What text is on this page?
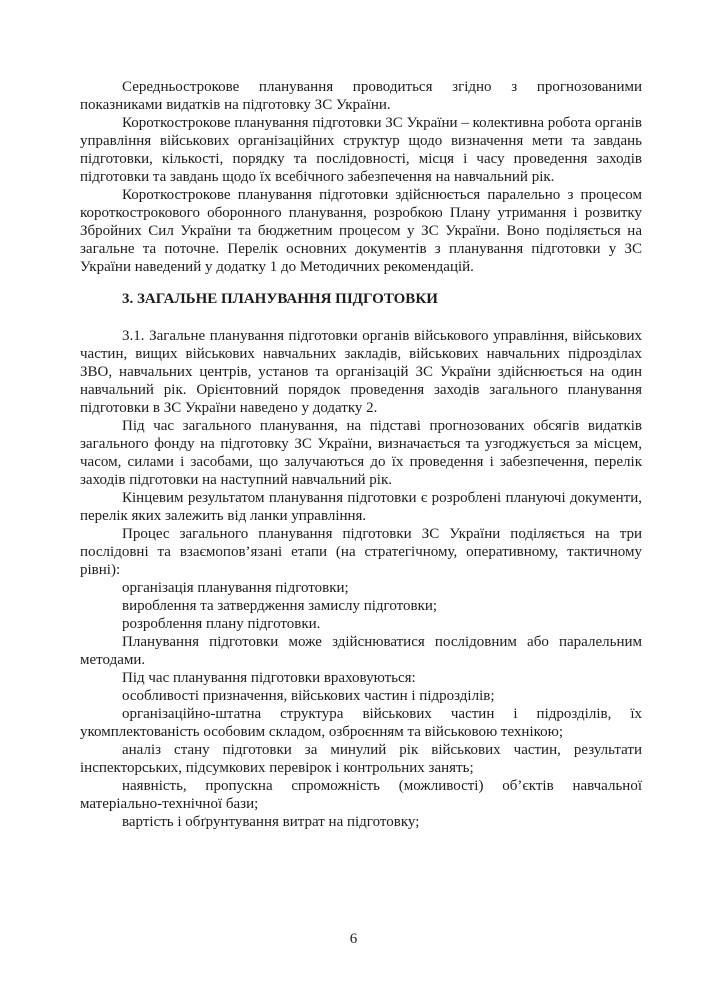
Середньострокове планування проводиться згідно з прогнозованими показниками видатків на підготовку ЗС України.

Короткострокове планування підготовки ЗС України – колективна робота органів управління військових організаційних структур щодо визначення мети та завдань підготовки, кількості, порядку та послідовності, місця і часу проведення заходів підготовки та завдань щодо їх всебічного забезпечення на навчальний рік.

Короткострокове планування підготовки здійснюється паралельно з процесом короткострокового оборонного планування, розробкою Плану утримання і розвитку Збройних Сил України та бюджетним процесом у ЗС України. Воно поділяється на загальне та поточне. Перелік основних документів з планування підготовки у ЗС України наведений у додатку 1 до Методичних рекомендацій.

3. ЗАГАЛЬНЕ ПЛАНУВАННЯ ПІДГОТОВКИ

3.1. Загальне планування підготовки органів військового управління, військових частин, вищих військових навчальних закладів, військових навчальних підрозділах ЗВО, навчальних центрів, установ та організацій ЗС України здійснюється на один навчальний рік. Орієнтовний порядок проведення заходів загального планування підготовки в ЗС України наведено у додатку 2.

Під час загального планування, на підставі прогнозованих обсягів видатків загального фонду на підготовку ЗС України, визначається та узгоджується за місцем, часом, силами і засобами, що залучаються до їх проведення і забезпечення, перелік заходів підготовки на наступний навчальний рік.

Кінцевим результатом планування підготовки є розроблені плануючі документи, перелік яких залежить від ланки управління.

Процес загального планування підготовки ЗС України поділяється на три послідовні та взаємопов’язані етапи (на стратегічному, оперативному, тактичному рівні):

організація планування підготовки;

вироблення та затвердження замислу підготовки;

розроблення плану підготовки.

Планування підготовки може здійснюватися послідовним або паралельним методами.

Під час планування підготовки враховуються:

особливості призначення, військових частин і підрозділів;

організаційно-штатна структура військових частин і підрозділів, їх укомплектованість особовим складом, озброєнням та військовою технікою;

аналіз стану підготовки за минулий рік військових частин, результати інспекторських, підсумкових перевірок і контрольних занять;

наявність, пропускна спроможність (можливості) об’єктів навчальної матеріально-технічної бази;

вартість і обґрунтування витрат на підготовку;

6
